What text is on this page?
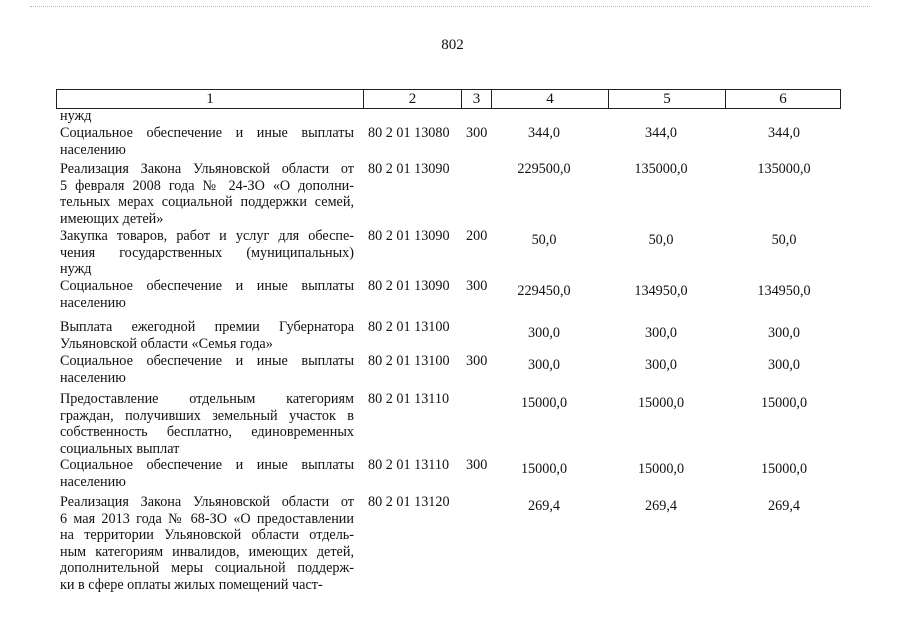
802
1	2	3	4	5	6
нужд
Социальное обеспечение и иные выплаты
населению
80 2 01 13080 300	344,0	344,0	344,0
Реализация Закона Ульяновской области от
5 февраля 2008 года № 24-ЗО «О дополни-
тельных мерах социальной поддержки семей,
имеющих детей»
80 2 01 13090	229500,0	135000,0	135000,0
Закупка товаров, работ и услуг для обеспе-
чения государственных (муниципальных)
нужд
80 2 01 13090 200	50,0	50,0	50,0
Социальное обеспечение и иные выплаты
населению
80 2 01 13090 300	229450,0	134950,0	134950,0
Выплата ежегодной премии Губернатора
Ульяновской области «Семья года»
80 2 01 13100	300,0	300,0	300,0
Социальное обеспечение и иные выплаты
населению
80 2 01 13100 300	300,0	300,0	300,0
Предоставление отдельным категориям
граждан, получивших земельный участок в
собственность бесплатно, единовременных
социальных выплат
80 2 01 13110	15000,0	15000,0	15000,0
Социальное обеспечение и иные выплаты
населению
80 2 01 13110 300	15000,0	15000,0	15000,0
Реализация Закона Ульяновской области от
6 мая 2013 года № 68-ЗО «О предоставлении
на территории Ульяновской области отдель-
ным категориям инвалидов, имеющих детей,
дополнительной меры социальной поддерж-
ки в сфере оплаты жилых помещений част-
80 2 01 13120	269,4	269,4	269,4
